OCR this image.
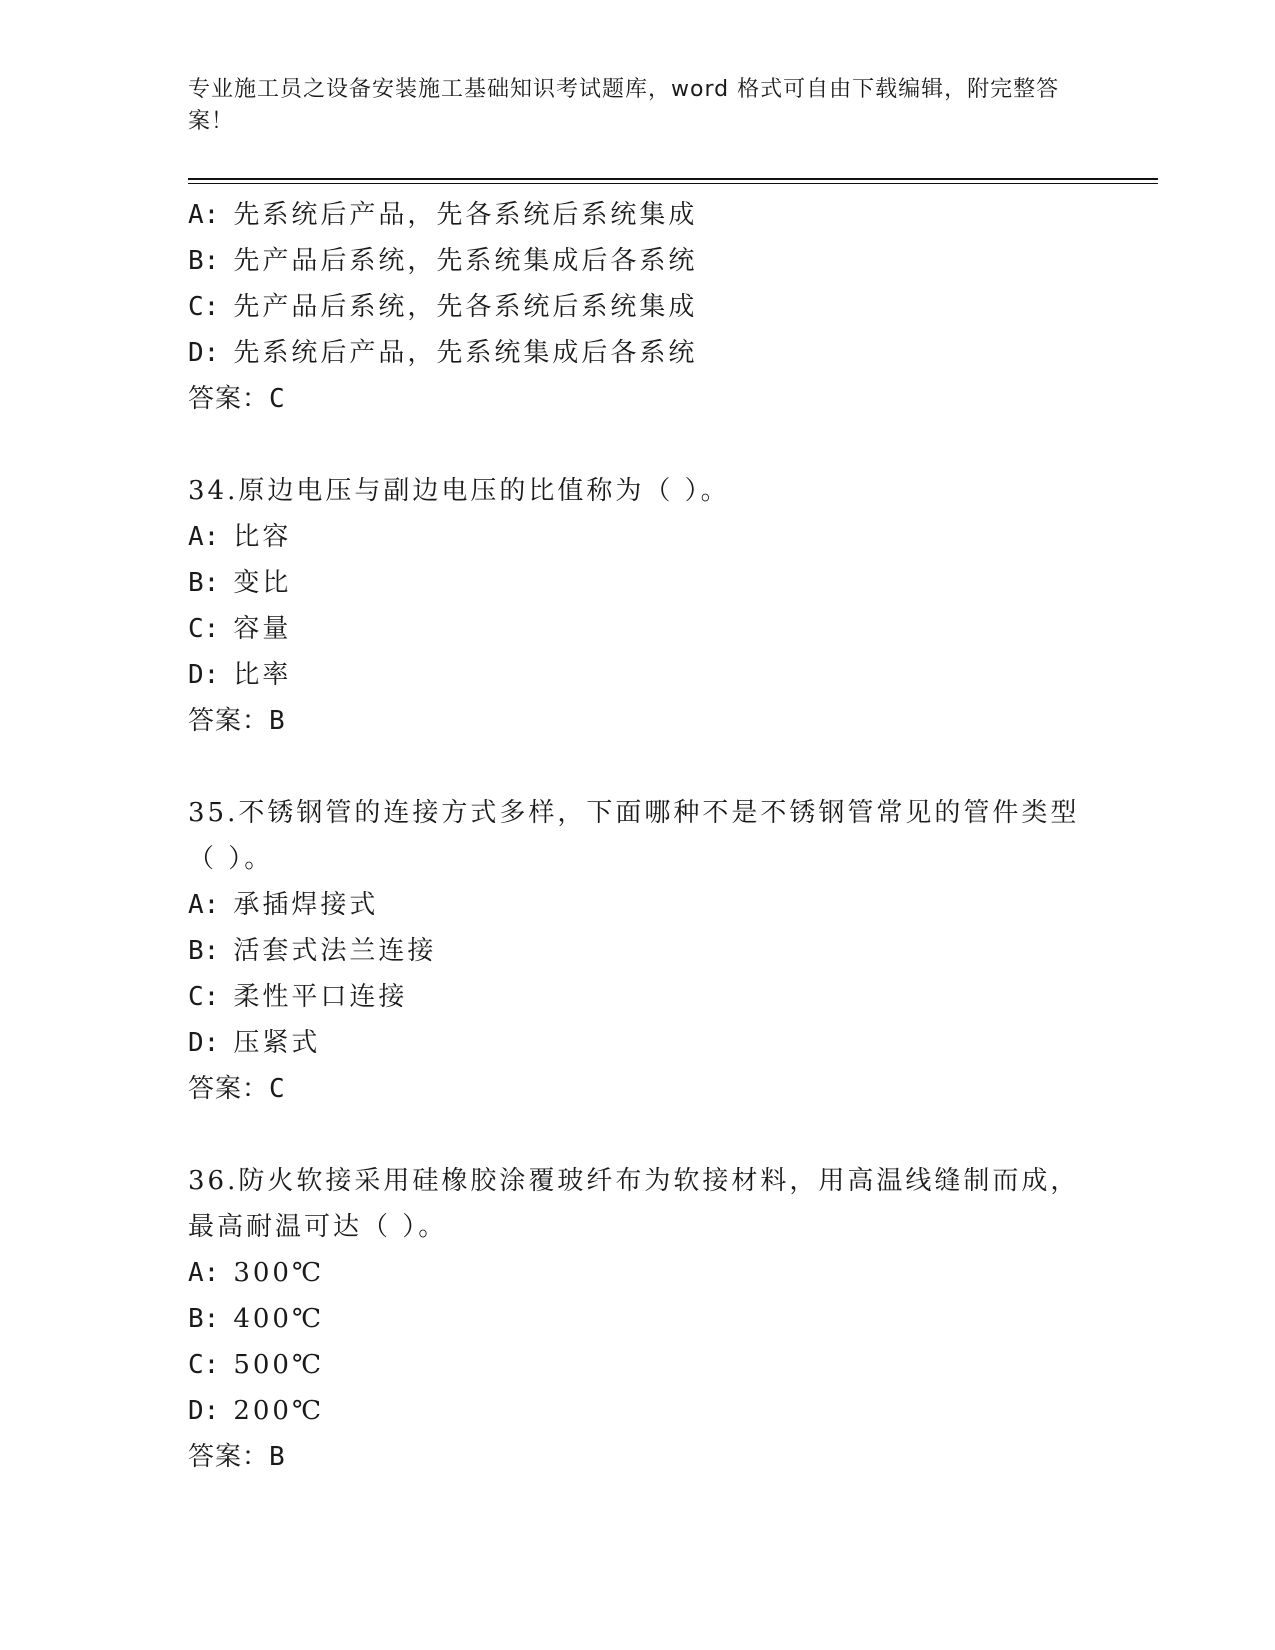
专业施工员之设备安装施工基础知识考试题库，word 格式可自由下载编辑，附完整答案！
A: 先系统后产品，先各系统后系统集成
B: 先产品后系统，先系统集成后各系统
C: 先产品后系统，先各系统后系统集成
D: 先系统后产品，先系统集成后各系统
答案：C
34.原边电压与副边电压的比值称为（ ）。
A: 比容
B: 变比
C: 容量
D: 比率
答案：B
35.不锈钢管的连接方式多样，下面哪种不是不锈钢管常见的管件类型
（ ）。
A: 承插焊接式
B: 活套式法兰连接
C: 柔性平口连接
D: 压紧式
答案：C
36.防火软接采用硅橡胶涂覆玻纤布为软接材料，用高温线缝制而成，
最高耐温可达（ ）。
A: 300℃
B: 400℃
C: 500℃
D: 200℃
答案：B
